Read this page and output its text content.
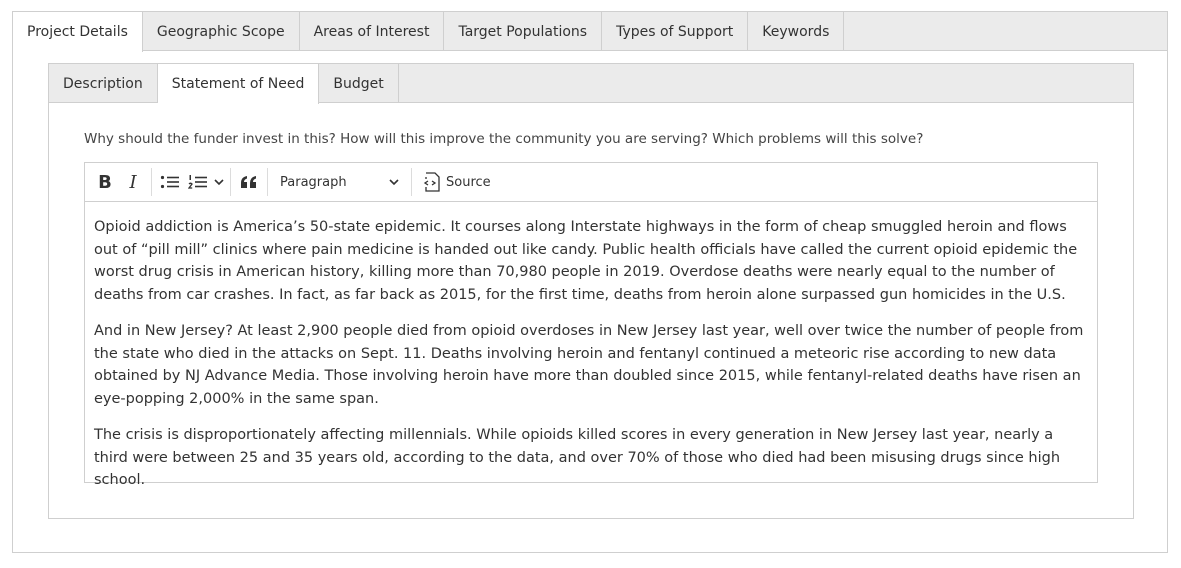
Project Details	Geographic Scope	Areas of Interest	Target Populations	Types of Support	Keywords
Description	Statement of Need	Budget
Why should the funder invest in this? How will this improve the community you are serving? Which problems will this solve?
B I	Paragraph	Source

Opioid addiction is America’s 50-state epidemic. It courses along Interstate highways in the form of cheap smuggled heroin and flows out of “pill mill” clinics where pain medicine is handed out like candy. Public health officials have called the current opioid epidemic the worst drug crisis in American history, killing more than 70,980 people in 2019. Overdose deaths were nearly equal to the number of deaths from car crashes. In fact, as far back as 2015, for the first time, deaths from heroin alone surpassed gun homicides in the U.S.

And in New Jersey? At least 2,900 people died from opioid overdoses in New Jersey last year, well over twice the number of people from the state who died in the attacks on Sept. 11. Deaths involving heroin and fentanyl continued a meteoric rise according to new data obtained by NJ Advance Media. Those involving heroin have more than doubled since 2015, while fentanyl-related deaths have risen an eye-popping 2,000% in the same span.

The crisis is disproportionately affecting millennials. While opioids killed scores in every generation in New Jersey last year, nearly a third were between 25 and 35 years old, according to the data, and over 70% of those who died had been misusing drugs since high school.
